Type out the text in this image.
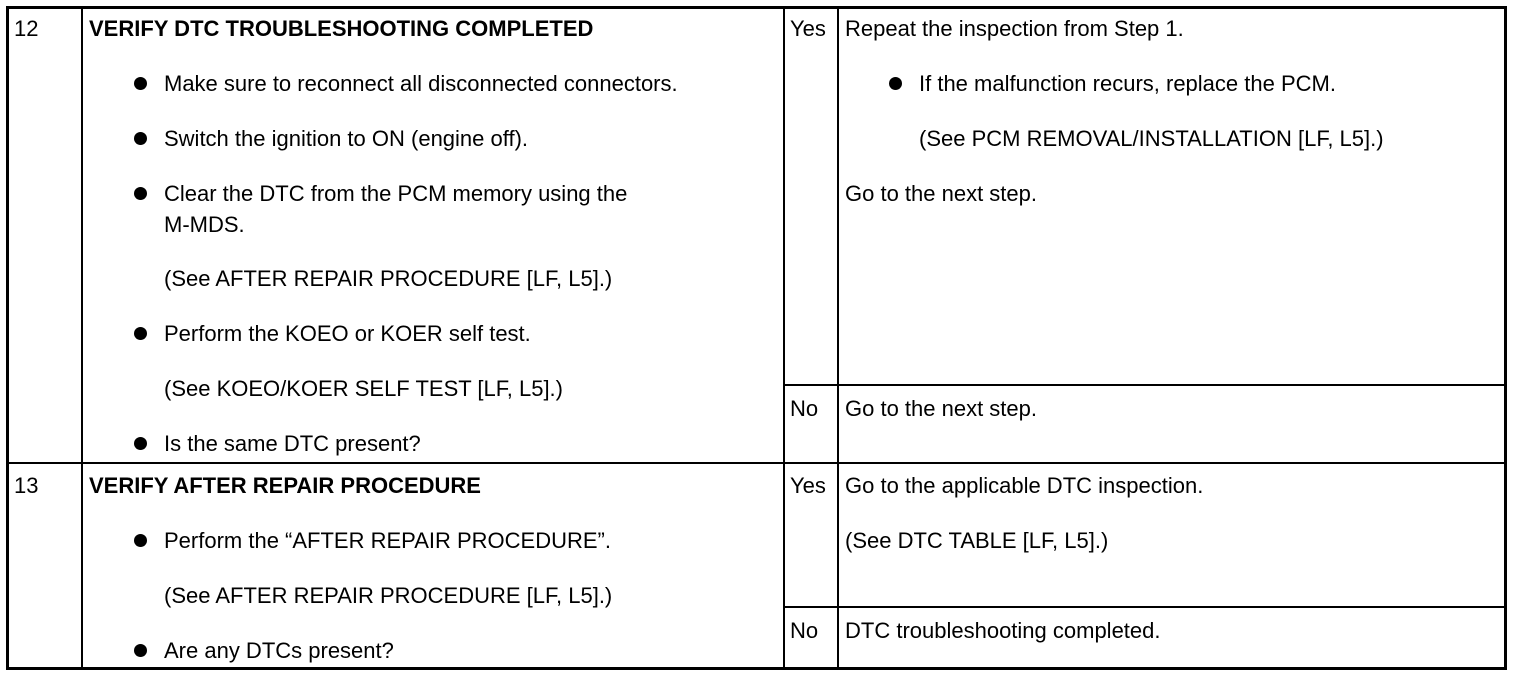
12 VERIFY DTC TROUBLESHOOTING COMPLETED
Make sure to reconnect all disconnected connectors.
Switch the ignition to ON (engine off).
Clear the DTC from the PCM memory using the
M-MDS.
(See AFTER REPAIR PROCEDURE [LF, L5].)
Perform the KOEO or KOER self test.
(See KOEO/KOER SELF TEST [LF, L5].)
Is the same DTC present?
Yes Repeat the inspection from Step 1.
If the malfunction recurs, replace the PCM.
(See PCM REMOVAL/INSTALLATION [LF, L5].)
Go to the next step.
No Go to the next step.
13 VERIFY AFTER REPAIR PROCEDURE
Perform the “AFTER REPAIR PROCEDURE”.
(See AFTER REPAIR PROCEDURE [LF, L5].)
Are any DTCs present?
Yes Go to the applicable DTC inspection.
(See DTC TABLE [LF, L5].)
No DTC troubleshooting completed.
